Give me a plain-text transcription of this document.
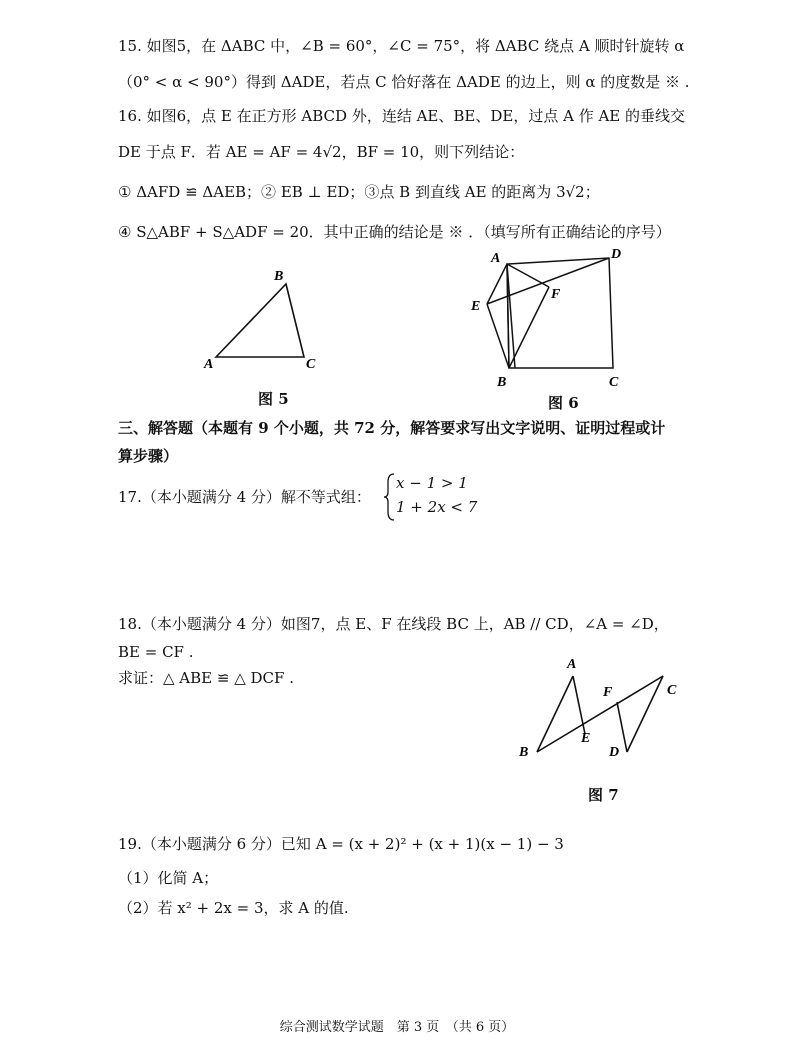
15. 如图5，在 ΔABC 中，∠B = 60°，∠C = 75°，将 ΔABC 绕点 A 顺时针旋转 α
（0° < α < 90°）得到 ΔADE，若点 C 恰好落在 ΔADE 的边上，则 α 的度数是 ※ .
16. 如图6，点 E 在正方形 ABCD 外，连结 AE、BE、DE，过点 A 作 AE 的垂线交
DE 于点 F．若 AE = AF = 4√2，BF = 10，则下列结论：
① ΔAFD ≌ ΔAEB；② EB ⊥ ED；③点 B 到直线 AE 的距离为 3√2；
④ S△ABF + S△ADF = 20．其中正确的结论是 ※ ．（填写所有正确结论的序号）
B
A	C
图 5
A	D
E
F
B	C
图 6
三、解答题（本题有 9 个小题，共 72 分，解答要求写出文字说明、证明过程或计
算步骤）
17.（本小题满分 4 分）解不等式组：
x − 1 > 1
1 + 2x < 7
18.（本小题满分 4 分）如图7，点 E、F 在线段 BC 上，AB // CD，∠A = ∠D，
BE = CF .
求证：△ ABE ≌ △ DCF .
A
F	C
E
B	D
图 7
19.（本小题满分 6 分）已知 A = (x + 2)² + (x + 1)(x − 1) − 3
（1）化简 A；
（2）若 x² + 2x = 3，求 A 的值.
综合测试数学试题　第 3 页　（共 6 页）
